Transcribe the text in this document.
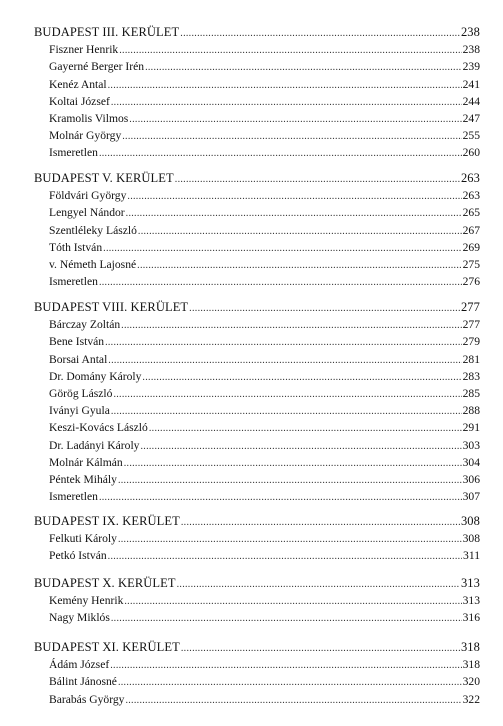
BUDAPEST III. KERÜLET .....	238
Fiszner Henrik .....	238
Gayerné Berger Irén .....	239
Kenéz Antal .....	241
Koltai József .....	244
Kramolis Vilmos .....	247
Molnár György .....	255
Ismeretlen .....	260
BUDAPEST V. KERÜLET .....	263
Földvári György .....	263
Lengyel Nándor .....	265
Szentléleky László .....	267
Tóth István .....	269
v. Németh Lajosné .....	275
Ismeretlen .....	276
BUDAPEST VIII. KERÜLET .....	277
Bárczay Zoltán .....	277
Bene István .....	279
Borsai Antal .....	281
Dr. Domány Károly .....	283
Görög László .....	285
Iványi Gyula .....	288
Keszi-Kovács László .....	291
Dr. Ladányi Károly .....	303
Molnár Kálmán .....	304
Péntek Mihály .....	306
Ismeretlen .....	307
BUDAPEST IX. KERÜLET .....	308
Felkuti Károly .....	308
Petkó István .....	311
BUDAPEST X. KERÜLET .....	313
Kemény Henrik .....	313
Nagy Miklós .....	316
BUDAPEST XI. KERÜLET .....	318
Ádám József .....	318
Bálint Jánosné .....	320
Barabás György .....	322
